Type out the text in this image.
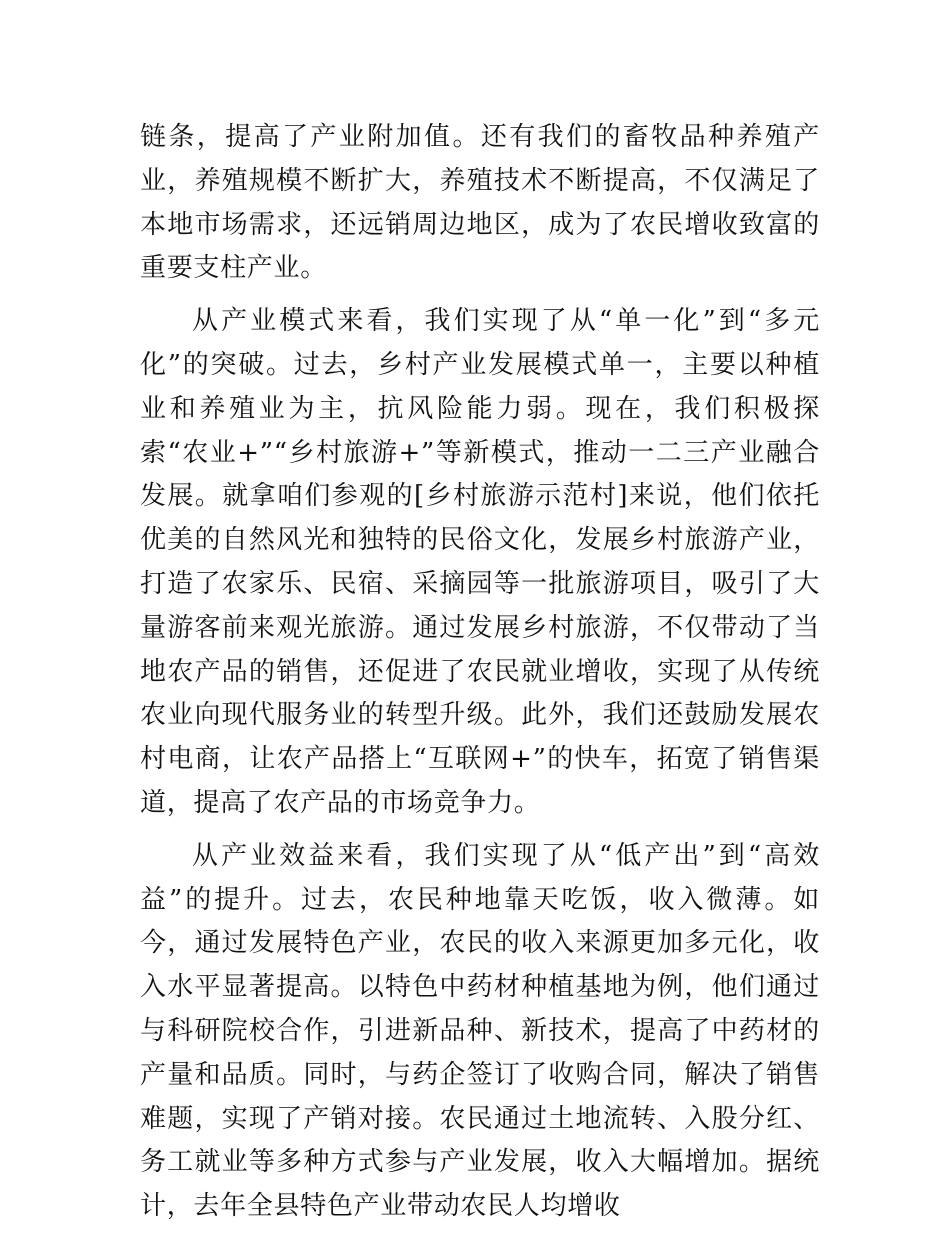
链条，提高了产业附加值。还有我们的畜牧品种养殖产业，养殖规模不断扩大，养殖技术不断提高，不仅满足了本地市场需求，还远销周边地区，成为了农民增收致富的重要支柱产业。

从产业模式来看，我们实现了从“单一化”到“多元化”的突破。过去，乡村产业发展模式单一，主要以种植业和养殖业为主，抗风险能力弱。现在，我们积极探索“农业+”“乡村旅游+”等新模式，推动一二三产业融合发展。就拿咱们参观的[乡村旅游示范村]来说，他们依托优美的自然风光和独特的民俗文化，发展乡村旅游产业，打造了农家乐、民宿、采摘园等一批旅游项目，吸引了大量游客前来观光旅游。通过发展乡村旅游，不仅带动了当地农产品的销售，还促进了农民就业增收，实现了从传统农业向现代服务业的转型升级。此外，我们还鼓励发展农村电商，让农产品搭上“互联网+”的快车，拓宽了销售渠道，提高了农产品的市场竞争力。

从产业效益来看，我们实现了从“低产出”到“高效益”的提升。过去，农民种地靠天吃饭，收入微薄。如今，通过发展特色产业，农民的收入来源更加多元化，收入水平显著提高。以特色中药材种植基地为例，他们通过与科研院校合作，引进新品种、新技术，提高了中药材的产量和品质。同时，与药企签订了收购合同，解决了销售难题，实现了产销对接。农民通过土地流转、入股分红、务工就业等多种方式参与产业发展，收入大幅增加。据统计，去年全县特色产业带动农民人均增收
